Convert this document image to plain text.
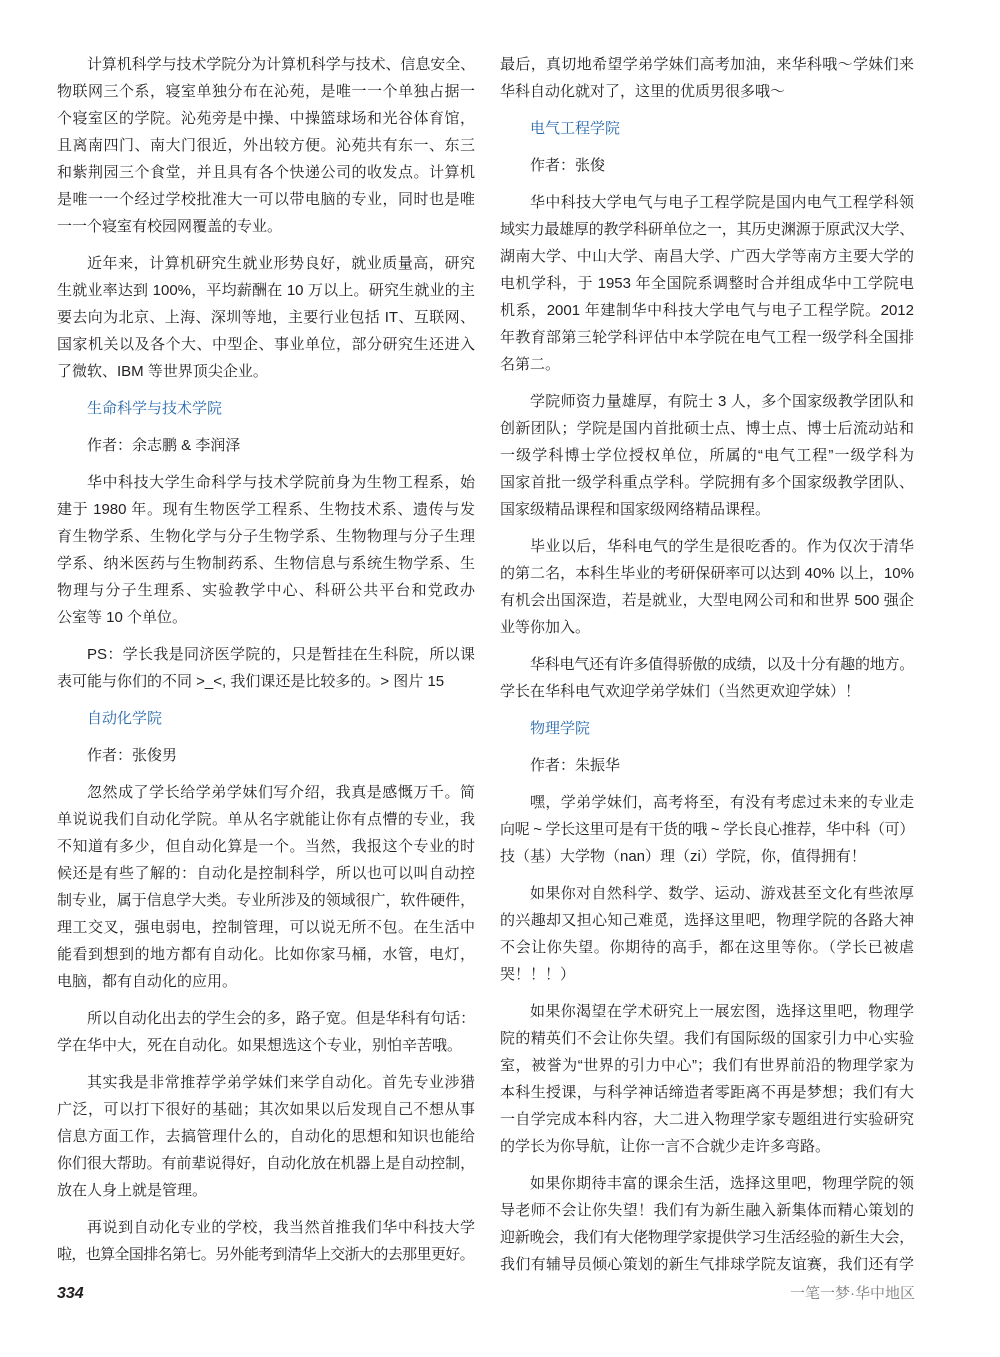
计算机科学与技术学院分为计算机科学与技术、信息安全、
物联网三个系，寝室单独分布在沁苑，是唯一一个单独占据一
个寝室区的学院。沁苑旁是中操、中操篮球场和光谷体育馆，
且离南四门、南大门很近，外出较方便。沁苑共有东一、东三
和紫荆园三个食堂，并且具有各个快递公司的收发点。计算机
是唯一一个经过学校批准大一可以带电脑的专业，同时也是唯
一一个寝室有校园网覆盖的专业。
近年来，计算机研究生就业形势良好，就业质量高，研究
生就业率达到 100%，平均薪酬在 10 万以上。研究生就业的主
要去向为北京、上海、深圳等地，主要行业包括 IT、互联网、
国家机关以及各个大、中型企、事业单位，部分研究生还进入
了微软、IBM 等世界顶尖企业。
生命科学与技术学院
作者：余志鹏 & 李润泽
华中科技大学生命科学与技术学院前身为生物工程系，始
建于 1980 年。现有生物医学工程系、生物技术系、遗传与发
育生物学系、生物化学与分子生物学系、生物物理与分子生理
学系、纳米医药与生物制药系、生物信息与系统生物学系、生
物理与分子生理系、实验教学中心、科研公共平台和党政办
公室等 10 个单位。
PS：学长我是同济医学院的，只是暂挂在生科院，所以课
表可能与你们的不同 >_<, 我们课还是比较多的。> 图片 15
自动化学院
作者：张俊男
忽然成了学长给学弟学妹们写介绍，我真是感慨万千。简
单说说我们自动化学院。单从名字就能让你有点懵的专业，我
不知道有多少，但自动化算是一个。当然，我报这个专业的时
候还是有些了解的：自动化是控制科学，所以也可以叫自动控
制专业，属于信息学大类。专业所涉及的领域很广，软件硬件，
理工交叉，强电弱电，控制管理，可以说无所不包。在生活中
能看到想到的地方都有自动化。比如你家马桶，水管，电灯，
电脑，都有自动化的应用。
所以自动化出去的学生会的多，路子宽。但是华科有句话：
学在华中大，死在自动化。如果想选这个专业，别怕辛苦哦。
其实我是非常推荐学弟学妹们来学自动化。首先专业涉猎
广泛，可以打下很好的基础；其次如果以后发现自己不想从事
信息方面工作，去搞管理什么的，自动化的思想和知识也能给
你们很大帮助。有前辈说得好，自动化放在机器上是自动控制，
放在人身上就是管理。
再说到自动化专业的学校，我当然首推我们华中科技大学
啦，也算全国排名第七。另外能考到清华上交浙大的去那里更好。
最后，真切地希望学弟学妹们高考加油，来华科哦～学妹们来
华科自动化就对了，这里的优质男很多哦～
电气工程学院
作者：张俊
华中科技大学电气与电子工程学院是国内电气工程学科领
域实力最雄厚的教学科研单位之一，其历史渊源于原武汉大学、
湖南大学、中山大学、南昌大学、广西大学等南方主要大学的
电机学科，于 1953 年全国院系调整时合并组成华中工学院电
机系，2001 年建制华中科技大学电气与电子工程学院。2012
年教育部第三轮学科评估中本学院在电气工程一级学科全国排
名第二。
学院师资力量雄厚，有院士 3 人，多个国家级教学团队和
创新团队；学院是国内首批硕士点、博士点、博士后流动站和
一级学科博士学位授权单位，所属的“电气工程”一级学科为
国家首批一级学科重点学科。学院拥有多个国家级教学团队、
国家级精品课程和国家级网络精品课程。
毕业以后，华科电气的学生是很吃香的。作为仅次于清华
的第二名，本科生毕业的考研保研率可以达到 40% 以上，10%
有机会出国深造，若是就业，大型电网公司和和世界 500 强企
业等你加入。
华科电气还有许多值得骄傲的成绩，以及十分有趣的地方。
学长在华科电气欢迎学弟学妹们（当然更欢迎学妹）！
物理学院
作者：朱振华
嘿，学弟学妹们，高考将至，有没有考虑过未来的专业走
向呢 ~ 学长这里可是有干货的哦 ~ 学长良心推荐，华中科（可）
技（基）大学物（nan）理（zi）学院，你，值得拥有！
如果你对自然科学、数学、运动、游戏甚至文化有些浓厚
的兴趣却又担心知己难觅，选择这里吧，物理学院的各路大神
不会让你失望。你期待的高手，都在这里等你。（学长已被虐
哭！！！）
如果你渴望在学术研究上一展宏图，选择这里吧，物理学
院的精英们不会让你失望。我们有国际级的国家引力中心实验
室，被誉为“世界的引力中心”；我们有世界前沿的物理学家为
本科生授课，与科学神话缔造者零距离不再是梦想；我们有大
一自学完成本科内容，大二进入物理学家专题组进行实验研究
的学长为你导航，让你一言不合就少走许多弯路。
如果你期待丰富的课余生活，选择这里吧，物理学院的领
导老师不会让你失望！我们有为新生融入新集体而精心策划的
迎新晚会，我们有大佬物理学家提供学习生活经验的新生大会，
我们有辅导员倾心策划的新生气排球学院友谊赛，我们还有学
334	一笔一梦·华中地区
